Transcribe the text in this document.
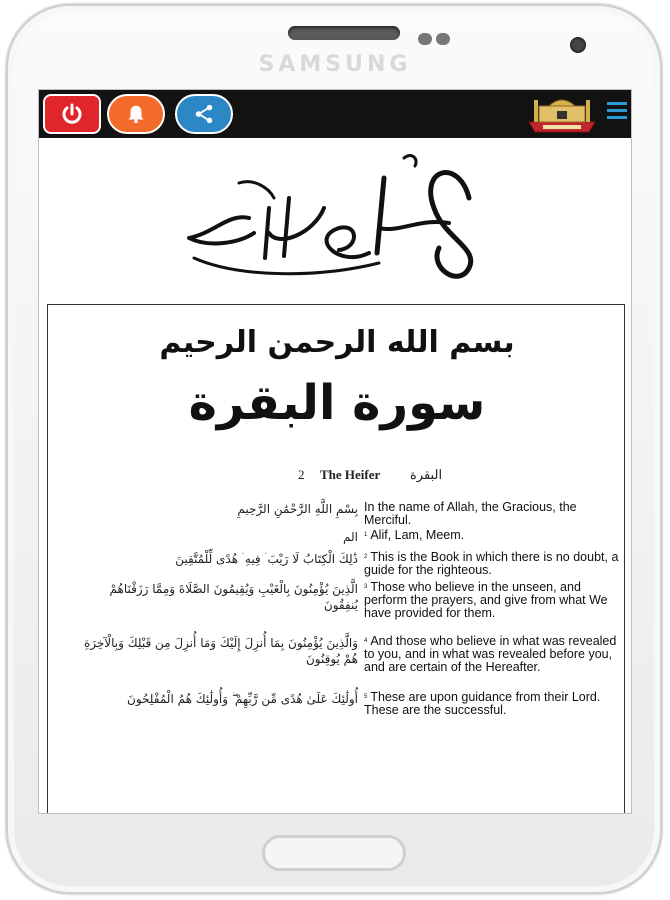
SAMSUNG
بسم الله الرحمن الرحيم
سورة البقرة
2 The Heifer البقرة
بِسْمِ اللَّهِ الرَّحْمَٰنِ الرَّحِيمِ In the name of Allah, the Gracious, the Merciful.
الم 1 Alif, Lam, Meem.
ذَٰلِكَ الْكِتَابُ لَا رَيْبَ ۛ فِيهِ ۛ هُدًى لِّلْمُتَّقِينَ 2 This is the Book in which there is no doubt, a guide for the righteous.
الَّذِينَ يُؤْمِنُونَ بِالْغَيْبِ وَيُقِيمُونَ الصَّلَاةَ وَمِمَّا رَزَقْنَاهُمْ يُنفِقُونَ
3 Those who believe in the unseen, and perform the prayers, and give from what We have provided for them.
وَالَّذِينَ يُؤْمِنُونَ بِمَا أُنزِلَ إِلَيْكَ وَمَا أُنزِلَ مِن قَبْلِكَ وَبِالْآخِرَةِ هُمْ يُوقِنُونَ
4 And those who believe in what was revealed to you, and in what was revealed before you, and are certain of the Hereafter.
أُولَٰئِكَ عَلَىٰ هُدًى مِّن رَّبِّهِمْ ۖ وَأُولَٰئِكَ هُمُ الْمُفْلِحُونَ 5 These are upon guidance from their Lord. These are the successful.
